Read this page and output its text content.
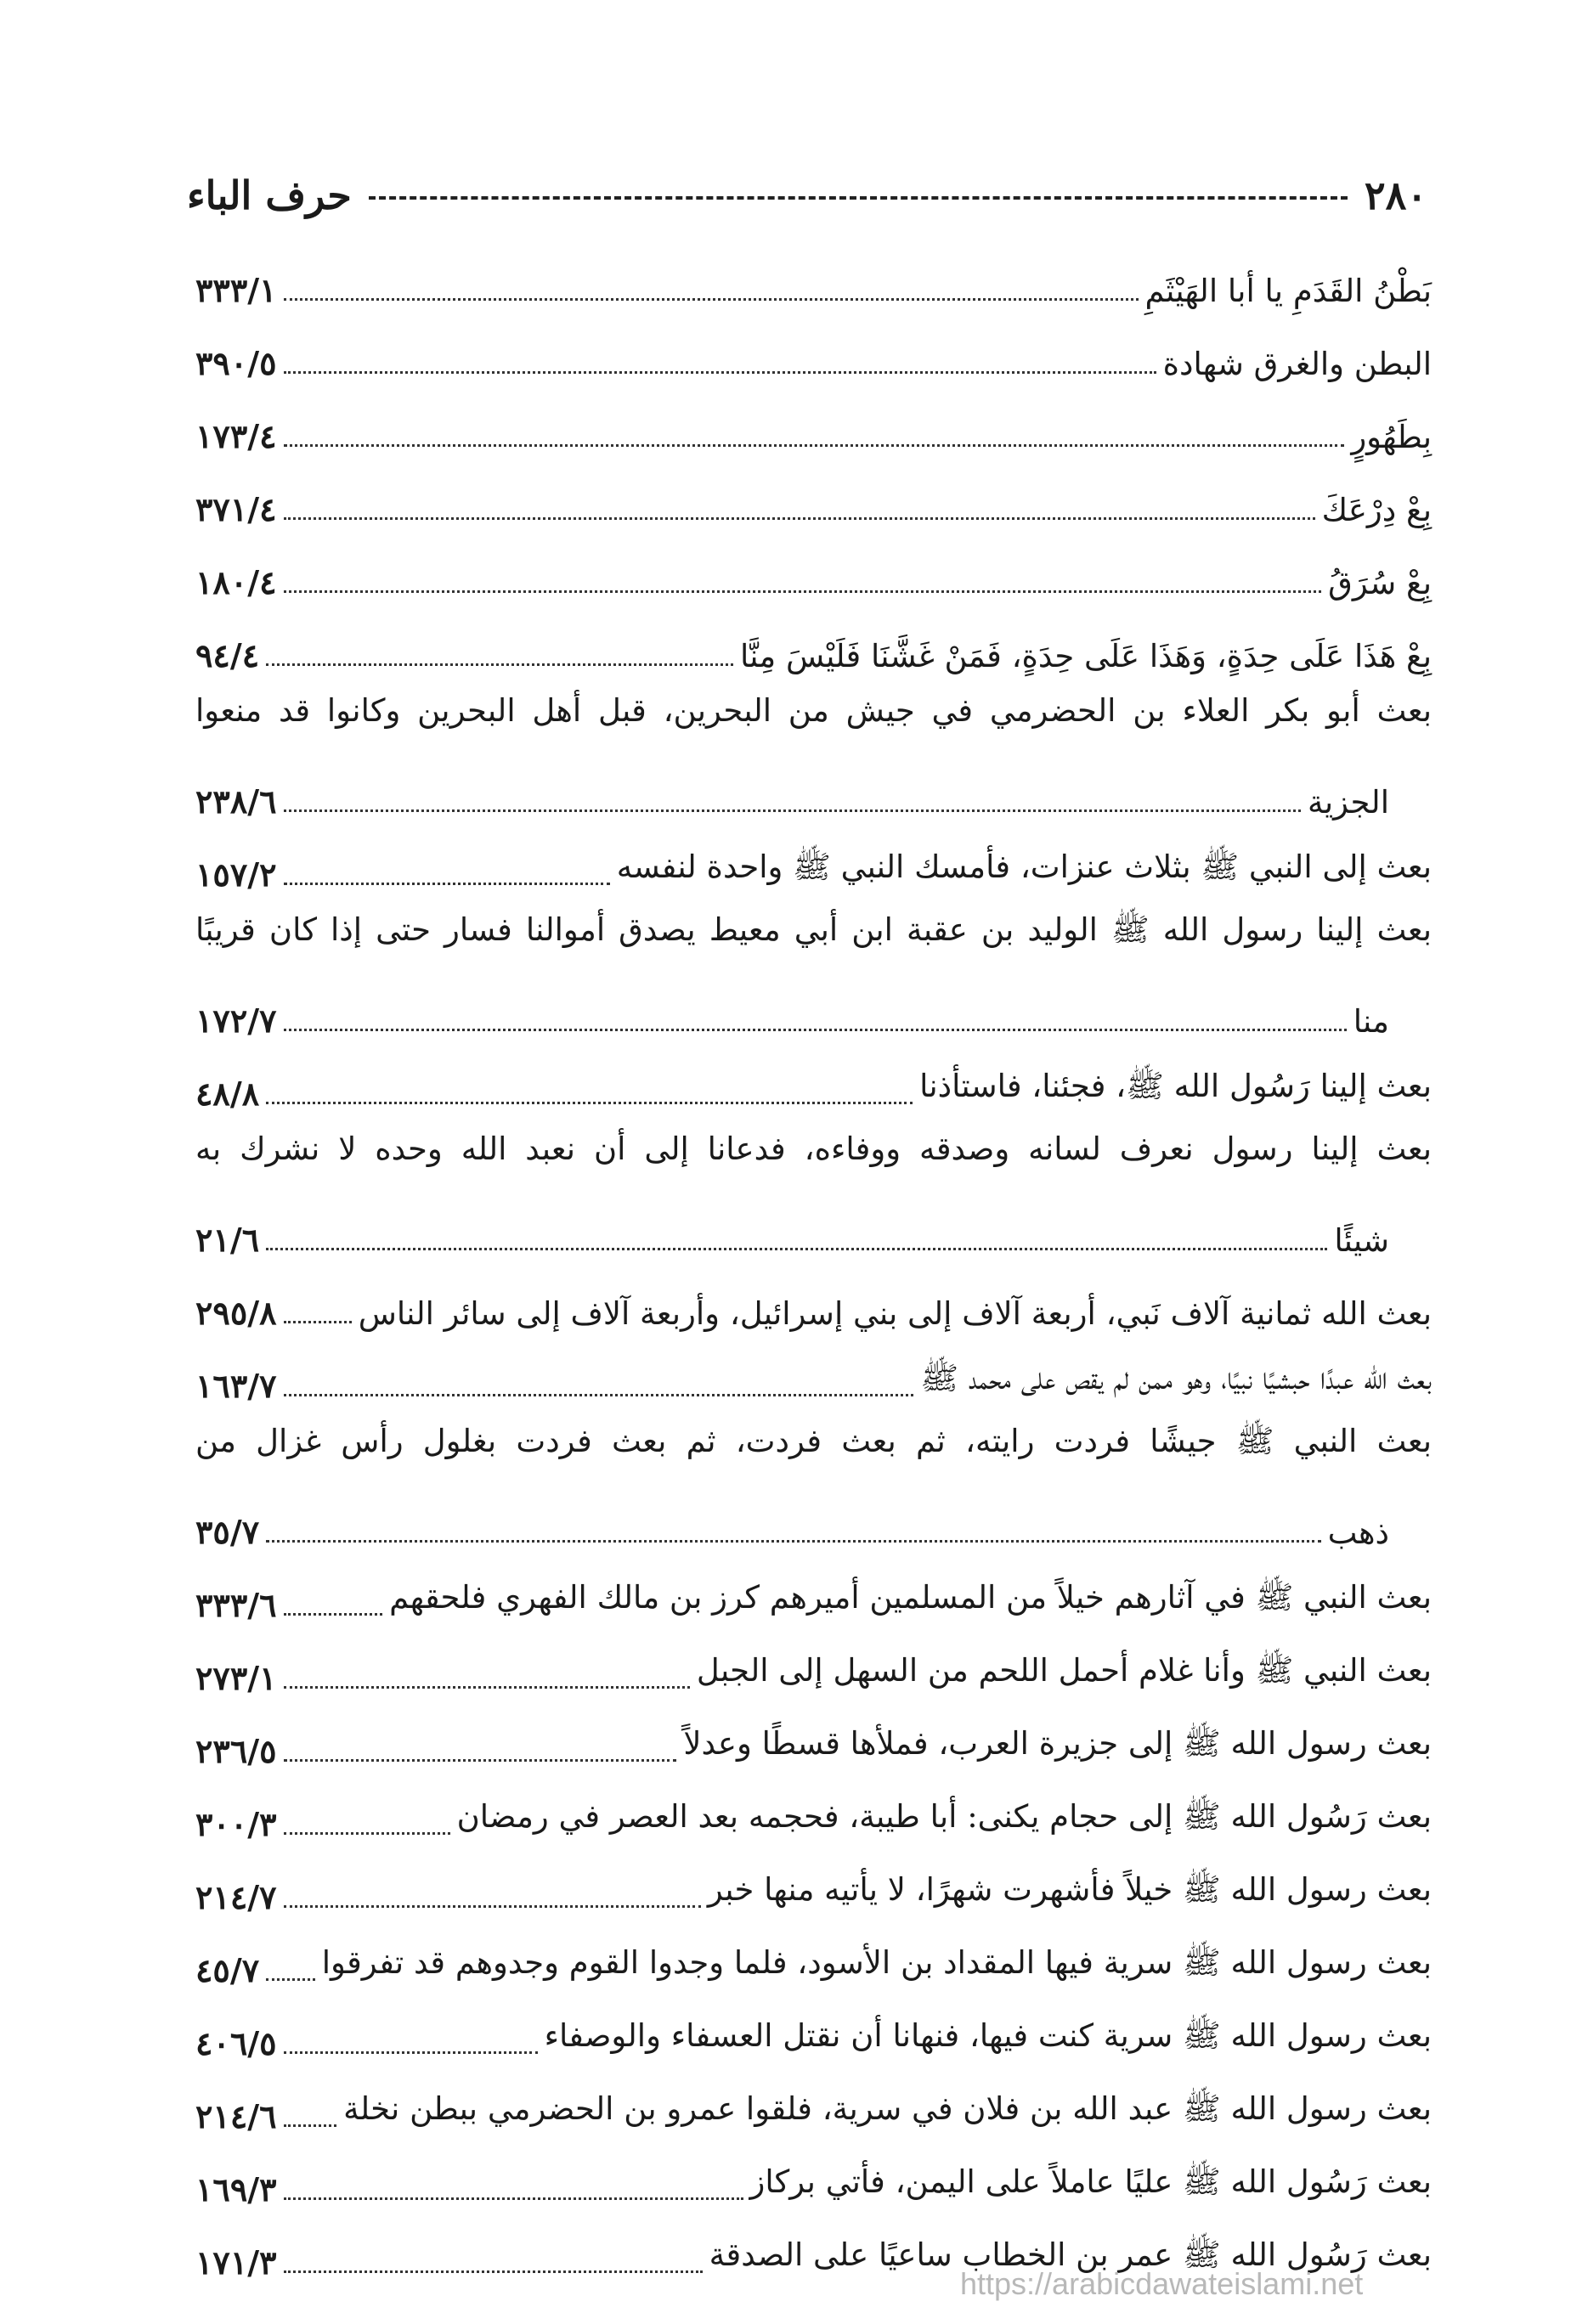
٢٨٠
حرف الباء
بَطْنُ القَدَمِ يا أبا الهَيْثَمِ
٣٣٣/١
البطن والغرق شهادة
٣٩٠/٥
بِطَهُورٍ
١٧٣/٤
بِعْ دِرْعَكَ
٣٧١/٤
بِعْ سُرَقُ
١٨٠/٤
بِعْ هَذَا عَلَى حِدَةٍ، وَهَذَا عَلَى حِدَةٍ، فَمَنْ غَشَّنَا فَلَيْسَ مِنَّا
٩٤/٤
بعث أبو بكر العلاء بن الحضرمي في جيش من البحرين، قبل أهل البحرين وكانوا قد منعوا
الجزية
٢٣٨/٦
بعث إلى النبي ﷺ بثلاث عنزات، فأمسك النبي ﷺ واحدة لنفسه
١٥٧/٢
بعث إلينا رسول الله ﷺ الوليد بن عقبة ابن أبي معيط يصدق أموالنا فسار حتى إذا كان قريبًا
منا
١٧٢/٧
بعث إلينا رَسُول الله ﷺ، فجئنا، فاستأذنا
٤٨/٨
بعث إلينا رسول نعرف لسانه وصدقه ووفاءه، فدعانا إلى أن نعبد الله وحده لا نشرك به
شيئًا
٢١/٦
بعث الله ثمانية آلاف نَبي، أربعة آلاف إلى بني إسرائيل، وأربعة آلاف إلى سائر الناس
٢٩٥/٨
بعث الله عبدًا حبشيًا نبيًا، وهو ممن لم يقص على محمد ﷺ
١٦٣/٧
بعث النبي ﷺ جيشًا فردت رايته، ثم بعث فردت، ثم بعث فردت بغلول رأس غزال من
ذهب
٣٥/٧
بعث النبي ﷺ في آثارهم خيلاً من المسلمين أميرهم كرز بن مالك الفهري فلحقهم
٣٣٣/٦
بعث النبي ﷺ وأنا غلام أحمل اللحم من السهل إلى الجبل
٢٧٣/١
بعث رسول الله ﷺ إلى جزيرة العرب، فملأها قسطًا وعدلاً
٢٣٦/٥
بعث رَسُول الله ﷺ إلى حجام يكنى: أبا طيبة، فحجمه بعد العصر في رمضان
٣٠٠/٣
بعث رسول الله ﷺ خيلاً فأشهرت شهرًا، لا يأتيه منها خبر
٢١٤/٧
بعث رسول الله ﷺ سرية فيها المقداد بن الأسود، فلما وجدوا القوم وجدوهم قد تفرقوا
٤٥/٧
بعث رسول الله ﷺ سرية كنت فيها، فنهانا أن نقتل العسفاء والوصفاء
٤٠٦/٥
بعث رسول الله ﷺ عبد الله بن فلان في سرية، فلقوا عمرو بن الحضرمي ببطن نخلة
٢١٤/٦
بعث رَسُول الله ﷺ عليًا عاملاً على اليمن، فأتي بركاز
١٦٩/٣
بعث رَسُول الله ﷺ عمر بن الخطاب ساعيًا على الصدقة
١٧١/٣
https://arabicdawateislami.net
